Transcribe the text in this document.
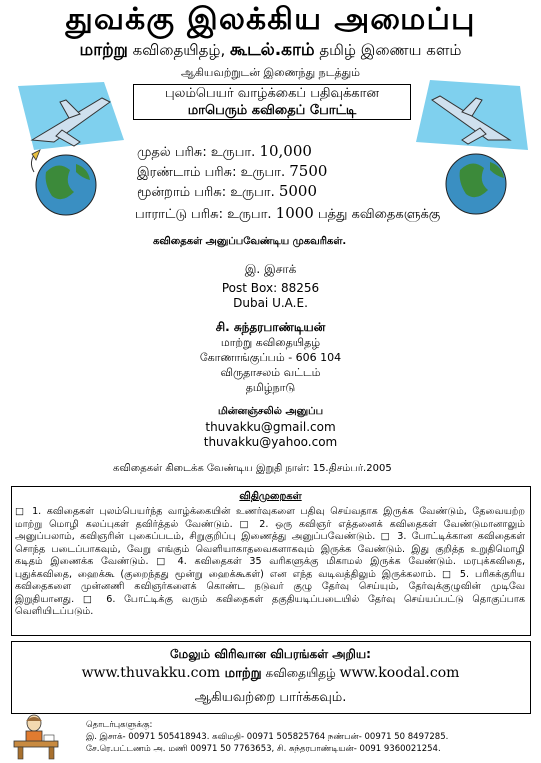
துவக்கு இலக்கிய அமைப்பு
மாற்று கவிதையிதழ், கூடல்.காம் தமிழ் இணைய களம்
ஆகியவற்றுடன் இணைந்து நடத்தும்
புலம்பெயர் வாழ்க்கைப் பதிவுக்கான
மாபெரும் கவிதைப் போட்டி
முதல் பரிசு: உருபா. 10,000
இரண்டாம் பரிசு: உருபா. 7500
மூன்றாம் பரிசு: உருபா. 5000
பாராட்டு பரிசு: உருபா. 1000 பத்து கவிதைகளுக்கு
கவிதைகள் அனுப்பவேண்டிய முகவரிகள்.
இ. இசாக்
Post Box: 88256
Dubai U.A.E.
சி. சுந்தரபாண்டியன்
மாற்று கவிதையிதழ்
கோணாங்குப்பம் - 606 104
விருதாசலம் வட்டம்
தமிழ்நாடு
மின்னஞ்சலில் அனுப்ப
thuvakku@gmail.com
thuvakku@yahoo.com
கவிதைகள் கிடைக்க வேண்டிய இறுதி நாள்: 15.திசம்பர்.2005
விதிமுறைகள்
□ 1. கவிதைகள் புலம்பெயர்ந்த வாழ்க்கையின் உணர்வுகளை பதிவு செய்வதாக இருக்க வேண்டும், தேவையற்ற மாற்று மொழி கலப்புகள் தவிர்த்தல் வேண்டும். □ 2. ஒரு கவிஞர் எத்தனைக் கவிதைகள் வேண்டுமானாலும் அனுப்பலாம், கவிஞரின் புகைப்படம், சிறுகுறிப்பு இணைத்து அனுப்பவேண்டும். □ 3. போட்டிக்கான கவிதைகள் சொந்த படைப்பாகவும், வேறு எங்கும் வெளியாகாதவைகளாகவும் இருக்க வேண்டும். இது குறித்த உறுதிமொழி கடிதம் இணைக்க வேண்டும். □ 4. கவிதைகள் 35 வரிகளுக்கு மிகாமல் இருக்க வேண்டும். மரபுக்கவிதை, புதுக்கவிதை, ஹைக்கூ (குறைந்தது மூன்று ஹைக்கூகள்) என எந்த வடிவத்திலும் இருக்கலாம். □ 5. பரிசுக்குரிய கவிதைகளை முன்னணி கவிஞர்களைக் கொண்ட நடுவர் குழு தேர்வு செய்யும், தேர்வுக்குழுவின் முடிவே இறுதியானது. □ 6. போட்டிக்கு வரும் கவிதைகள் தகுதியடிப்படையில் தேர்வு செய்யப்பட்டு தொகுப்பாக வெளியிடப்படும்.
மேலும் விரிவான விபரங்கள் அறிய:
www.thuvakku.com மாற்று கவிதையிதழ் www.koodal.com
ஆகியவற்றை பார்க்கவும்.
தொடர்புகளுக்கு:
இ. இசாக்- 00971 505418943. கவிமதி- 00971 505825764 நண்பன்- 00971 50 8497285.
சே.ரெ.பட்டணம் அ. மணி 00971 50 7763653, சி. சுந்தரபாண்டியன்- 0091 9360021254.
